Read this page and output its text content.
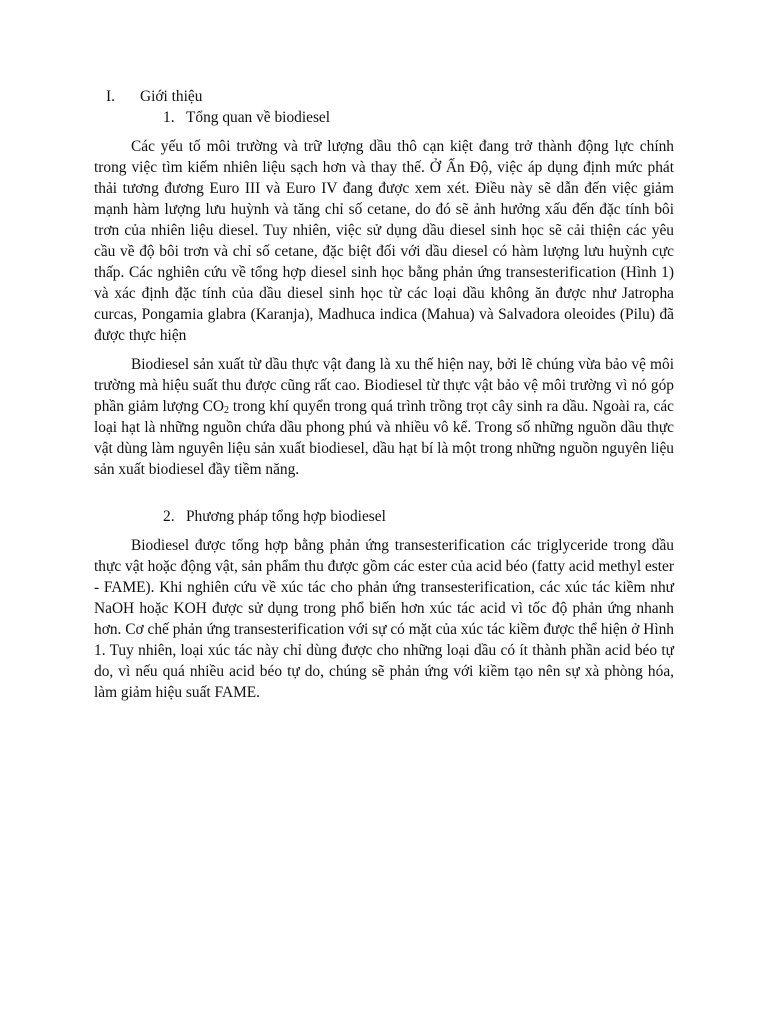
I. Giới thiệu
1. Tổng quan về biodiesel

Các yếu tố môi trường và trữ lượng dầu thô cạn kiệt đang trở thành động lực chính trong việc tìm kiếm nhiên liệu sạch hơn và thay thế. Ở Ấn Độ, việc áp dụng định mức phát thải tương đương Euro III và Euro IV đang được xem xét. Điều này sẽ dẫn đến việc giảm mạnh hàm lượng lưu huỳnh và tăng chỉ số cetane, do đó sẽ ảnh hưởng xấu đến đặc tính bôi trơn của nhiên liệu diesel. Tuy nhiên, việc sử dụng dầu diesel sinh học sẽ cải thiện các yêu cầu về độ bôi trơn và chỉ số cetane, đặc biệt đối với dầu diesel có hàm lượng lưu huỳnh cực thấp. Các nghiên cứu về tổng hợp diesel sinh học bằng phản ứng transesterification (Hình 1) và xác định đặc tính của dầu diesel sinh học từ các loại dầu không ăn được như Jatropha curcas, Pongamia glabra (Karanja), Madhuca indica (Mahua) và Salvadora oleoides (Pilu) đã được thực hiện

Biodiesel sản xuất từ dầu thực vật đang là xu thế hiện nay, bởi lẽ chúng vừa bảo vệ môi trường mà hiệu suất thu được cũng rất cao. Biodiesel từ thực vật bảo vệ môi trường vì nó góp phần giảm lượng $CO_2$ trong khí quyển trong quá trình trồng trọt cây sinh ra dầu. Ngoài ra, các loại hạt là những nguồn chứa dầu phong phú và nhiều vô kể. Trong số những nguồn dầu thực vật dùng làm nguyên liệu sản xuất biodiesel, dầu hạt bí là một trong những nguồn nguyên liệu sản xuất biodiesel đầy tiềm năng.

2. Phương pháp tổng hợp biodiesel

Biodiesel được tổng hợp bằng phản ứng transesterification các triglyceride trong dầu thực vật hoặc động vật, sản phẩm thu được gồm các ester của acid béo (fatty acid methyl ester - FAME). Khi nghiên cứu về xúc tác cho phản ứng transesterification, các xúc tác kiềm như NaOH hoặc KOH được sử dụng trong phổ biến hơn xúc tác acid vì tốc độ phản ứng nhanh hơn. Cơ chế phản ứng transesterification với sự có mặt của xúc tác kiềm được thể hiện ở Hình 1. Tuy nhiên, loại xúc tác này chỉ dùng được cho những loại dầu có ít thành phần acid béo tự do, vì nếu quá nhiều acid béo tự do, chúng sẽ phản ứng với kiềm tạo nên sự xà phòng hóa, làm giảm hiệu suất FAME.
